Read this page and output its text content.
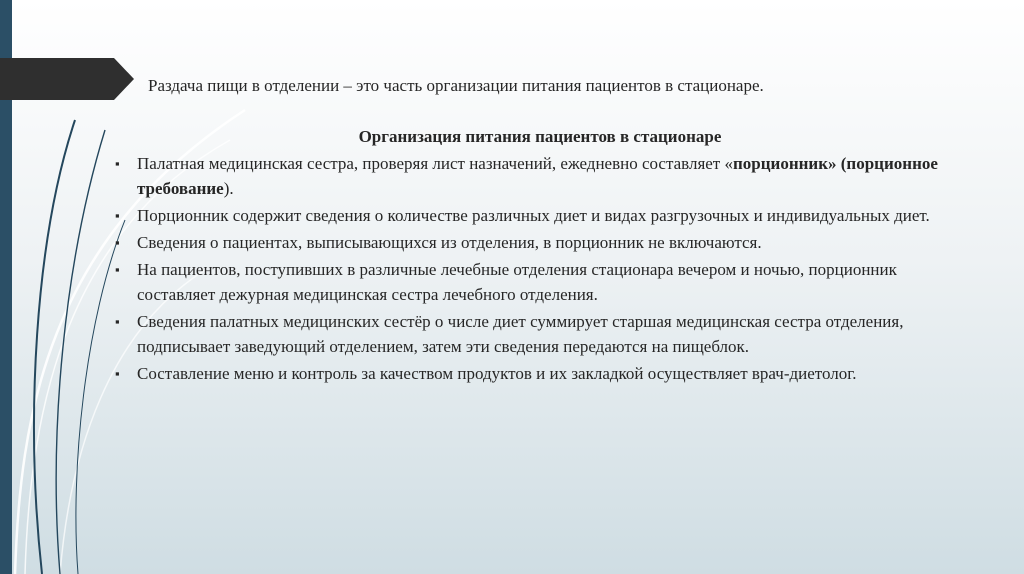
Раздача пищи в отделении – это часть организации питания пациентов в стационаре.
Организация питания пациентов в стационаре
▪ Палатная медицинская сестра, проверяя лист назначений, ежедневно составляет «порционник» (порционное требование).
▪ Порционник содержит сведения о количестве различных диет и видах разгрузочных и индивидуальных диет.
▪ Сведения о пациентах, выписывающихся из отделения, в порционник не включаются.
▪ На пациентов, поступивших в различные лечебные отделения стационара вечером и ночью, порционник составляет дежурная медицинская сестра лечебного отделения.
▪ Сведения палатных медицинских сестёр о числе диет суммирует старшая медицинская сестра отделения, подписывает заведующий отделением, затем эти сведения передаются на пищеблок.
▪ Составление меню и контроль за качеством продуктов и их закладкой осуществляет врач-диетолог.
